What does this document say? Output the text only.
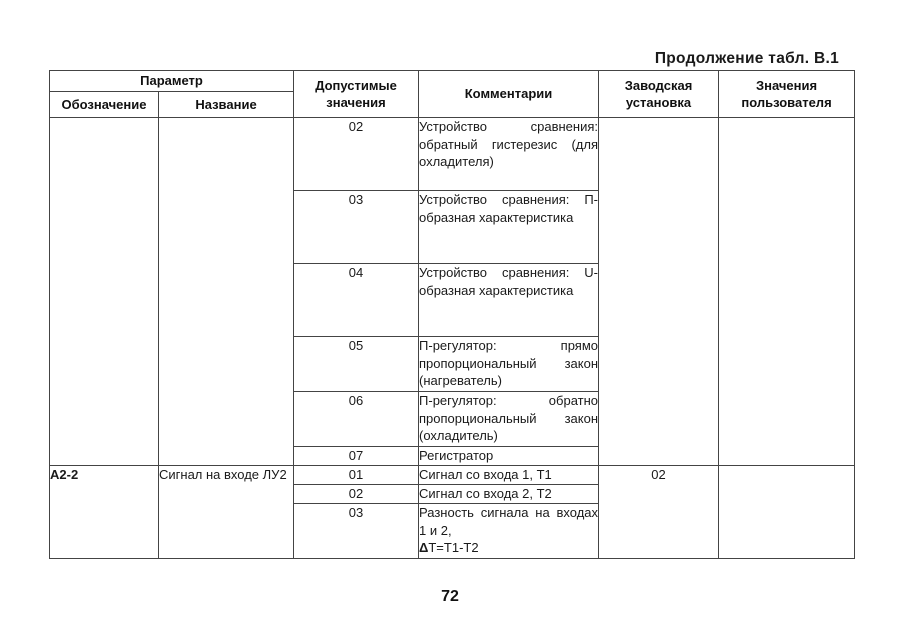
Продолжение табл. В.1
Параметр		Допустимые значения	Комментарии	Заводская установка	Значения пользователя
Обозначение	Название				
		02	Устройство сравнения: обратный гистерезис (для охладителя)		
		03	Устройство сравнения: П-образная характеристика		
		04	Устройство сравнения: U-образная характеристика		
		05	П-регулятор: прямо пропорциональный закон (нагреватель)		
		06	П-регулятор: обратно пропорциональный закон (охладитель)		
		07	Регистратор		
А2-2	Сигнал на входе ЛУ2	01	Сигнал со входа 1, Т1	02	
		02	Сигнал со входа 2, Т2		
		03	Разность сигнала на входах 1 и 2,
ΔТ=Т1-Т2		
72
